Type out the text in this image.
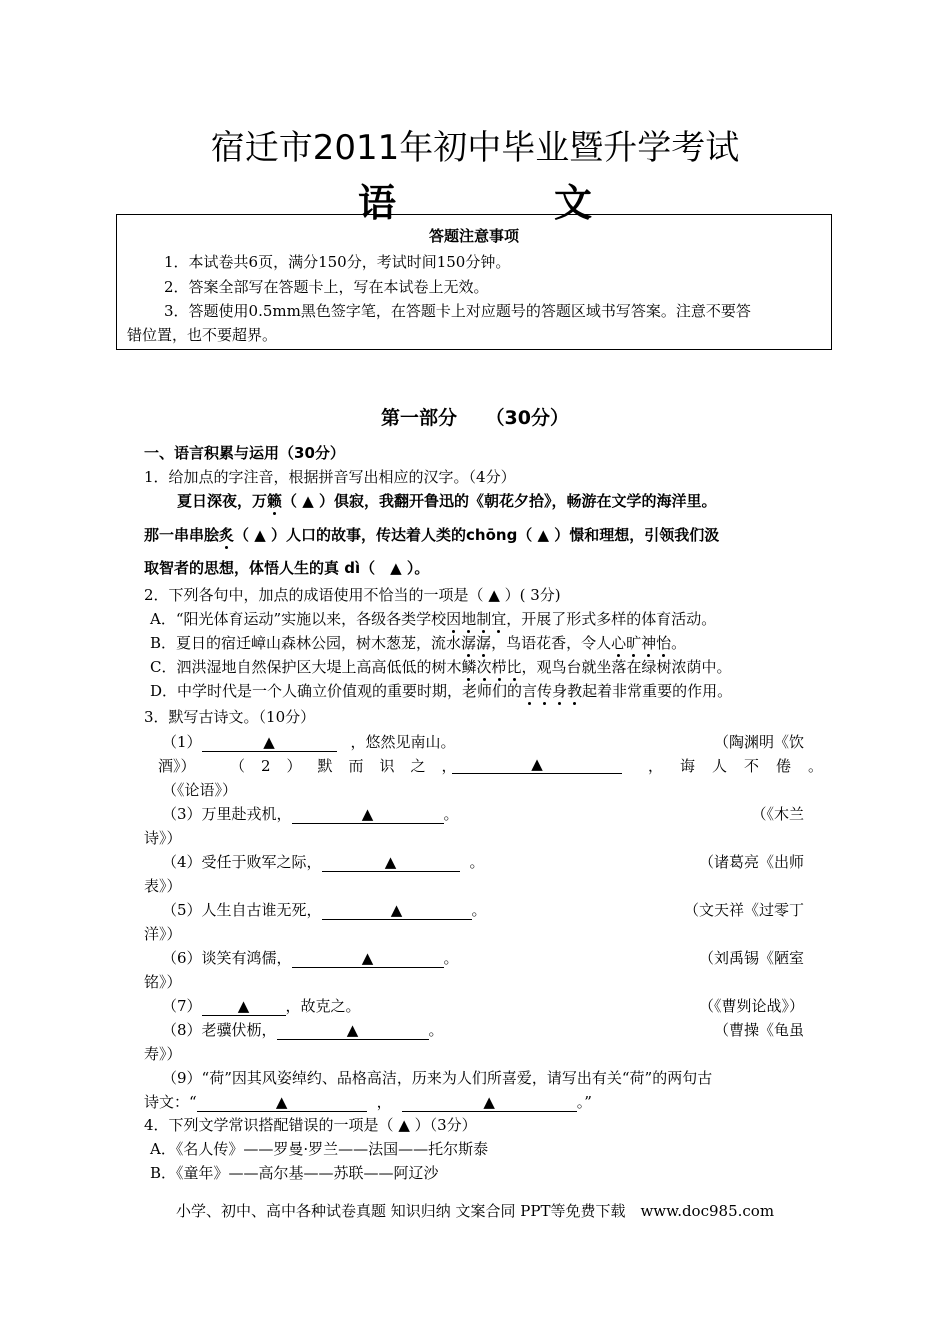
宿迁市2011年初中毕业暨升学考试
语　文
答题注意事项
1．本试卷共6页，满分150分，考试时间150分钟。
2．答案全部写在答题卡上，写在本试卷上无效。
3．答题使用0.5mm黑色签字笔，在答题卡上对应题号的答题区域书写答案。注意不要答
错位置，也不要超界。
第一部分　　（30分）
一、语言积累与运用（30分）
1．给加点的字注音，根据拼音写出相应的汉字。（4分）
夏日深夜，万籁（ ▲ ）俱寂，我翻开鲁迅的《朝花夕拾》，畅游在文学的海洋里。
那一串串脍炙（ ▲ ）人口的故事，传达着人类的chōng（ ▲ ）憬和理想，引领我们汲
取智者的思想，体悟人生的真 dì（　▲ ）。
2．下列各句中，加点的成语使用不恰当的一项是（ ▲ ）( 3分)
A．“阳光体育运动”实施以来，各级各类学校因地制宜，开展了形式多样的体育活动。
B．夏日的宿迁嶂山森林公园，树木葱茏，流水潺潺，鸟语花香，令人心旷神怡。
C．泗洪湿地自然保护区大堤上高高低低的树木鳞次栉比，观鸟台就坐落在绿树浓荫中。
D．中学时代是一个人确立价值观的重要时期，老师们的言传身教起着非常重要的作用。
3．默写古诗文。（10分）
（1）	▲	，悠然见南山。	（陶渊明《饮
酒》） （2）默而识之，	▲	，诲人不倦。
（《论语》）
（3）万里赴戎机，	▲	。	（《木兰
诗》）
（4）受任于败军之际，	▲	。	（诸葛亮《出师
表》）
（5）人生自古谁无死，	▲	。	（文天祥《过零丁
洋》）
（6）谈笑有鸿儒，	▲	。	（刘禹锡《陋室
铭》）
（7） ▲ ，故克之。	（《曹刿论战》）
（8）老骥伏枥，	▲	。	（曹操《龟虽
寿》）
（9）“荷”因其风姿绰约、品格高洁，历来为人们所喜爱，请写出有关“荷”的两句古
诗文：“	▲	，	▲	。”
4．下列文学常识搭配错误的一项是（ ▲ ）（3分）
A．《名人传》——罗曼·罗兰——法国——托尔斯泰
B．《童年》——高尔基——苏联——阿辽沙
小学、初中、高中各种试卷真题 知识归纳 文案合同 PPT等免费下载　www.doc985.com
